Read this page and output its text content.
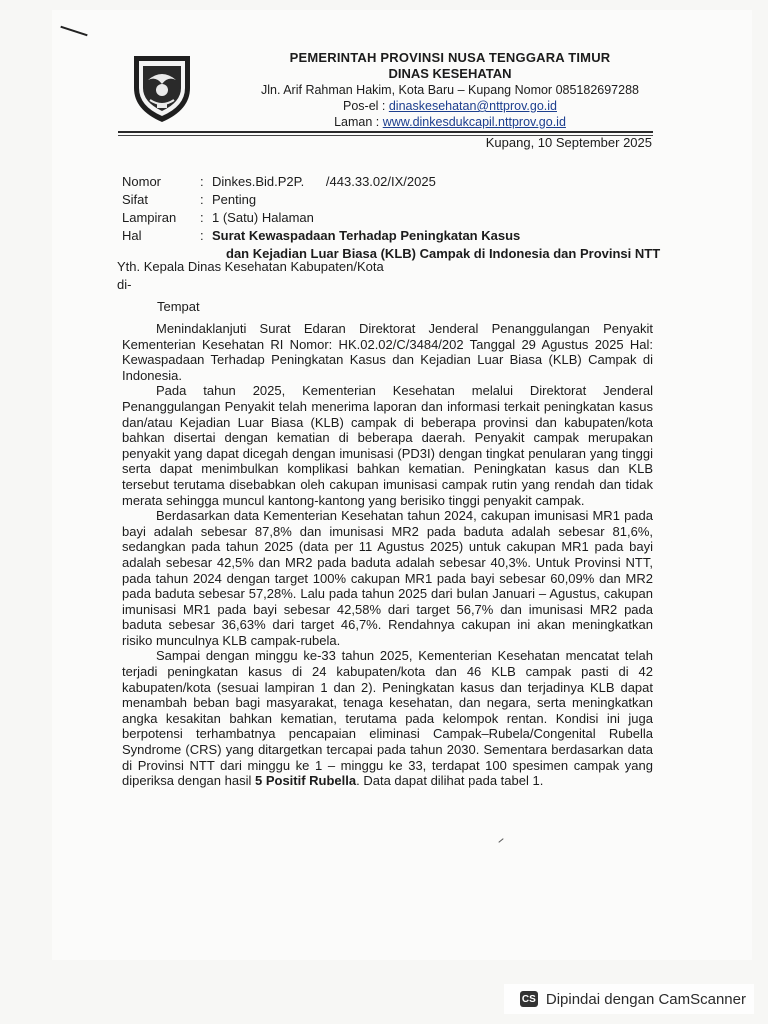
PEMERINTAH PROVINSI NUSA TENGGARA TIMUR
DINAS KESEHATAN
Jln. Arif Rahman Hakim, Kota Baru – Kupang Nomor 085182697288
Pos-el : dinaskesehatan@nttprov.go.id
Laman : www.dinkesdukcapil.nttprov.go.id
Kupang, 10 September 2025
Nomor	: Dinkes.Bid.P2P.      /443.33.02/IX/2025
Sifat	: Penting
Lampiran	: 1 (Satu) Halaman
Hal	: Surat Kewaspadaan Terhadap Peningkatan Kasus
dan Kejadian Luar Biasa (KLB) Campak di Indonesia dan Provinsi NTT
Yth. Kepala Dinas Kesehatan Kabupaten/Kota
di-
Tempat

Menindaklanjuti Surat Edaran Direktorat Jenderal Penanggulangan Penyakit Kementerian Kesehatan RI Nomor: HK.02.02/C/3484/202 Tanggal 29 Agustus 2025 Hal: Kewaspadaan Terhadap Peningkatan Kasus dan Kejadian Luar Biasa (KLB) Campak di Indonesia.

Pada tahun 2025, Kementerian Kesehatan melalui Direktorat Jenderal Penanggulangan Penyakit telah menerima laporan dan informasi terkait peningkatan kasus dan/atau Kejadian Luar Biasa (KLB) campak di beberapa provinsi dan kabupaten/kota bahkan disertai dengan kematian di beberapa daerah. Penyakit campak merupakan penyakit yang dapat dicegah dengan imunisasi (PD3I) dengan tingkat penularan yang tinggi serta dapat menimbulkan komplikasi bahkan kematian. Peningkatan kasus dan KLB tersebut terutama disebabkan oleh cakupan imunisasi campak rutin yang rendah dan tidak merata sehingga muncul kantong-kantong yang berisiko tinggi penyakit campak.

Berdasarkan data Kementerian Kesehatan tahun 2024, cakupan imunisasi MR1 pada bayi adalah sebesar 87,8% dan imunisasi MR2 pada baduta adalah sebesar 81,6%, sedangkan pada tahun 2025 (data per 11 Agustus 2025) untuk cakupan MR1 pada bayi adalah sebesar 42,5% dan MR2 pada baduta adalah sebesar 40,3%. Untuk Provinsi NTT, pada tahun 2024 dengan target 100% cakupan MR1 pada bayi sebesar 60,09% dan MR2 pada baduta sebesar 57,28%. Lalu pada tahun 2025 dari bulan Januari – Agustus, cakupan imunisasi MR1 pada bayi sebesar 42,58% dari target 56,7% dan imunisasi MR2 pada baduta sebesar 36,63% dari target 46,7%. Rendahnya cakupan ini akan meningkatkan risiko munculnya KLB campak-rubela.

Sampai dengan minggu ke-33 tahun 2025, Kementerian Kesehatan mencatat telah terjadi peningkatan kasus di 24 kabupaten/kota dan 46 KLB campak pasti di 42 kabupaten/kota (sesuai lampiran 1 dan 2). Peningkatan kasus dan terjadinya KLB dapat menambah beban bagi masyarakat, tenaga kesehatan, dan negara, serta meningkatkan angka kesakitan bahkan kematian, terutama pada kelompok rentan. Kondisi ini juga berpotensi terhambatnya pencapaian eliminasi Campak–Rubela/Congenital Rubella Syndrome (CRS) yang ditargetkan tercapai pada tahun 2030. Sementara berdasarkan data di Provinsi NTT dari minggu ke 1 – minggu ke 33, terdapat 100 spesimen campak yang diperiksa dengan hasil 5 Positif Rubella. Data dapat dilihat pada tabel 1.

CS Dipindai dengan CamScanner
